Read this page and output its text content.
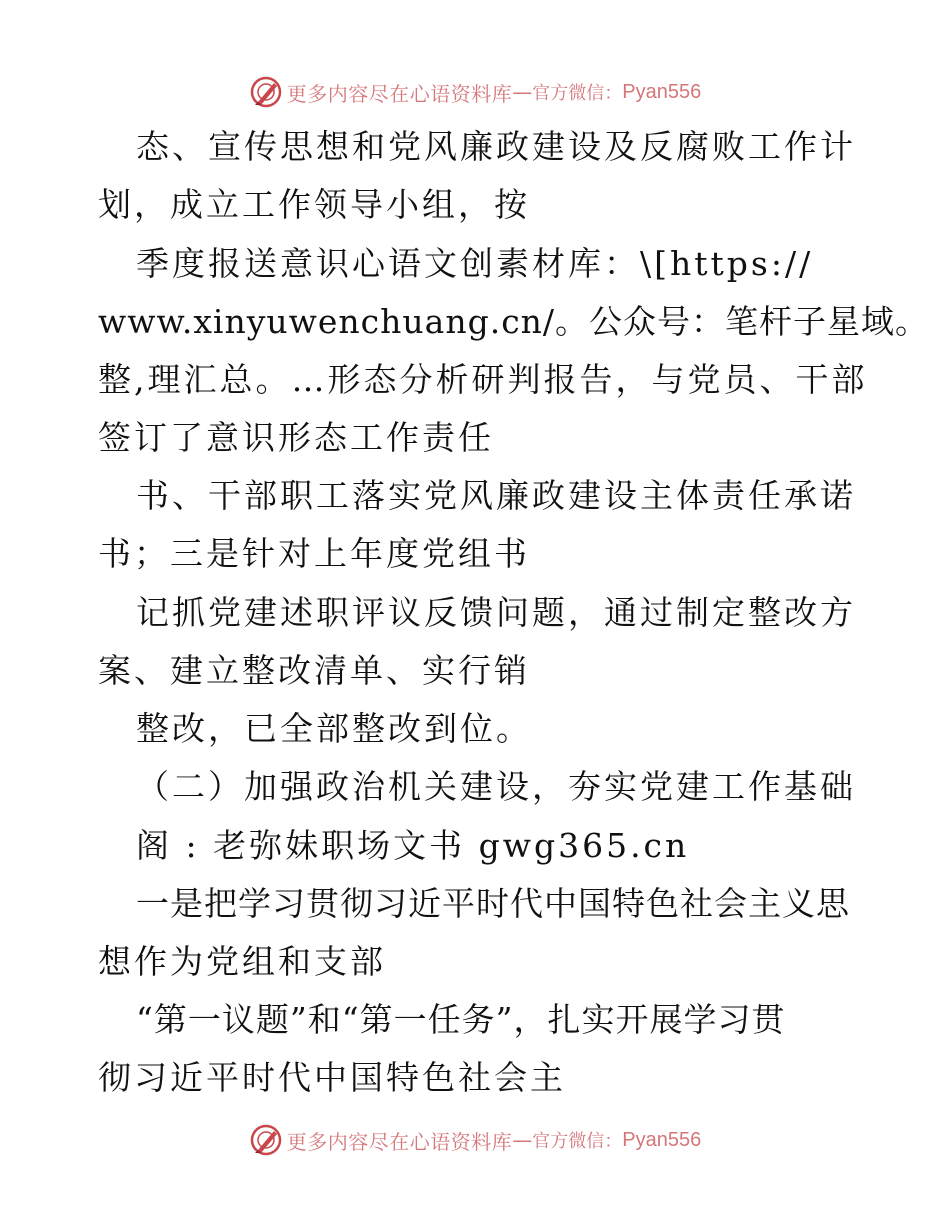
更多内容尽在心语资料库 — 官方微信： Pyan556
态、宣传思想和党风廉政建设及反腐败工作计
划，成立工作领导小组，按
季度报送意识心语文创素材库：\[https://
www.xinyuwenchuang.cn/。公众号：笔杆子星域。
整,理汇总。…形态分析研判报告，与党员、干部
签订了意识形态工作责任
书、干部职工落实党风廉政建设主体责任承诺
书；三是针对上年度党组书
记抓党建述职评议反馈问题，通过制定整改方
案、建立整改清单、实行销
整改，已全部整改到位。
（二）加强政治机关建设，夯实党建工作基础
阁 : 老弥妹职场文书 gwg365.cn
一是把学习贯彻习近平时代中国特色社会主义思
想作为党组和支部
“第一议题”和“第一任务”，扎实开展学习贯
彻习近平时代中国特色社会主
更多内容尽在心语资料库 — 官方微信： Pyan556
